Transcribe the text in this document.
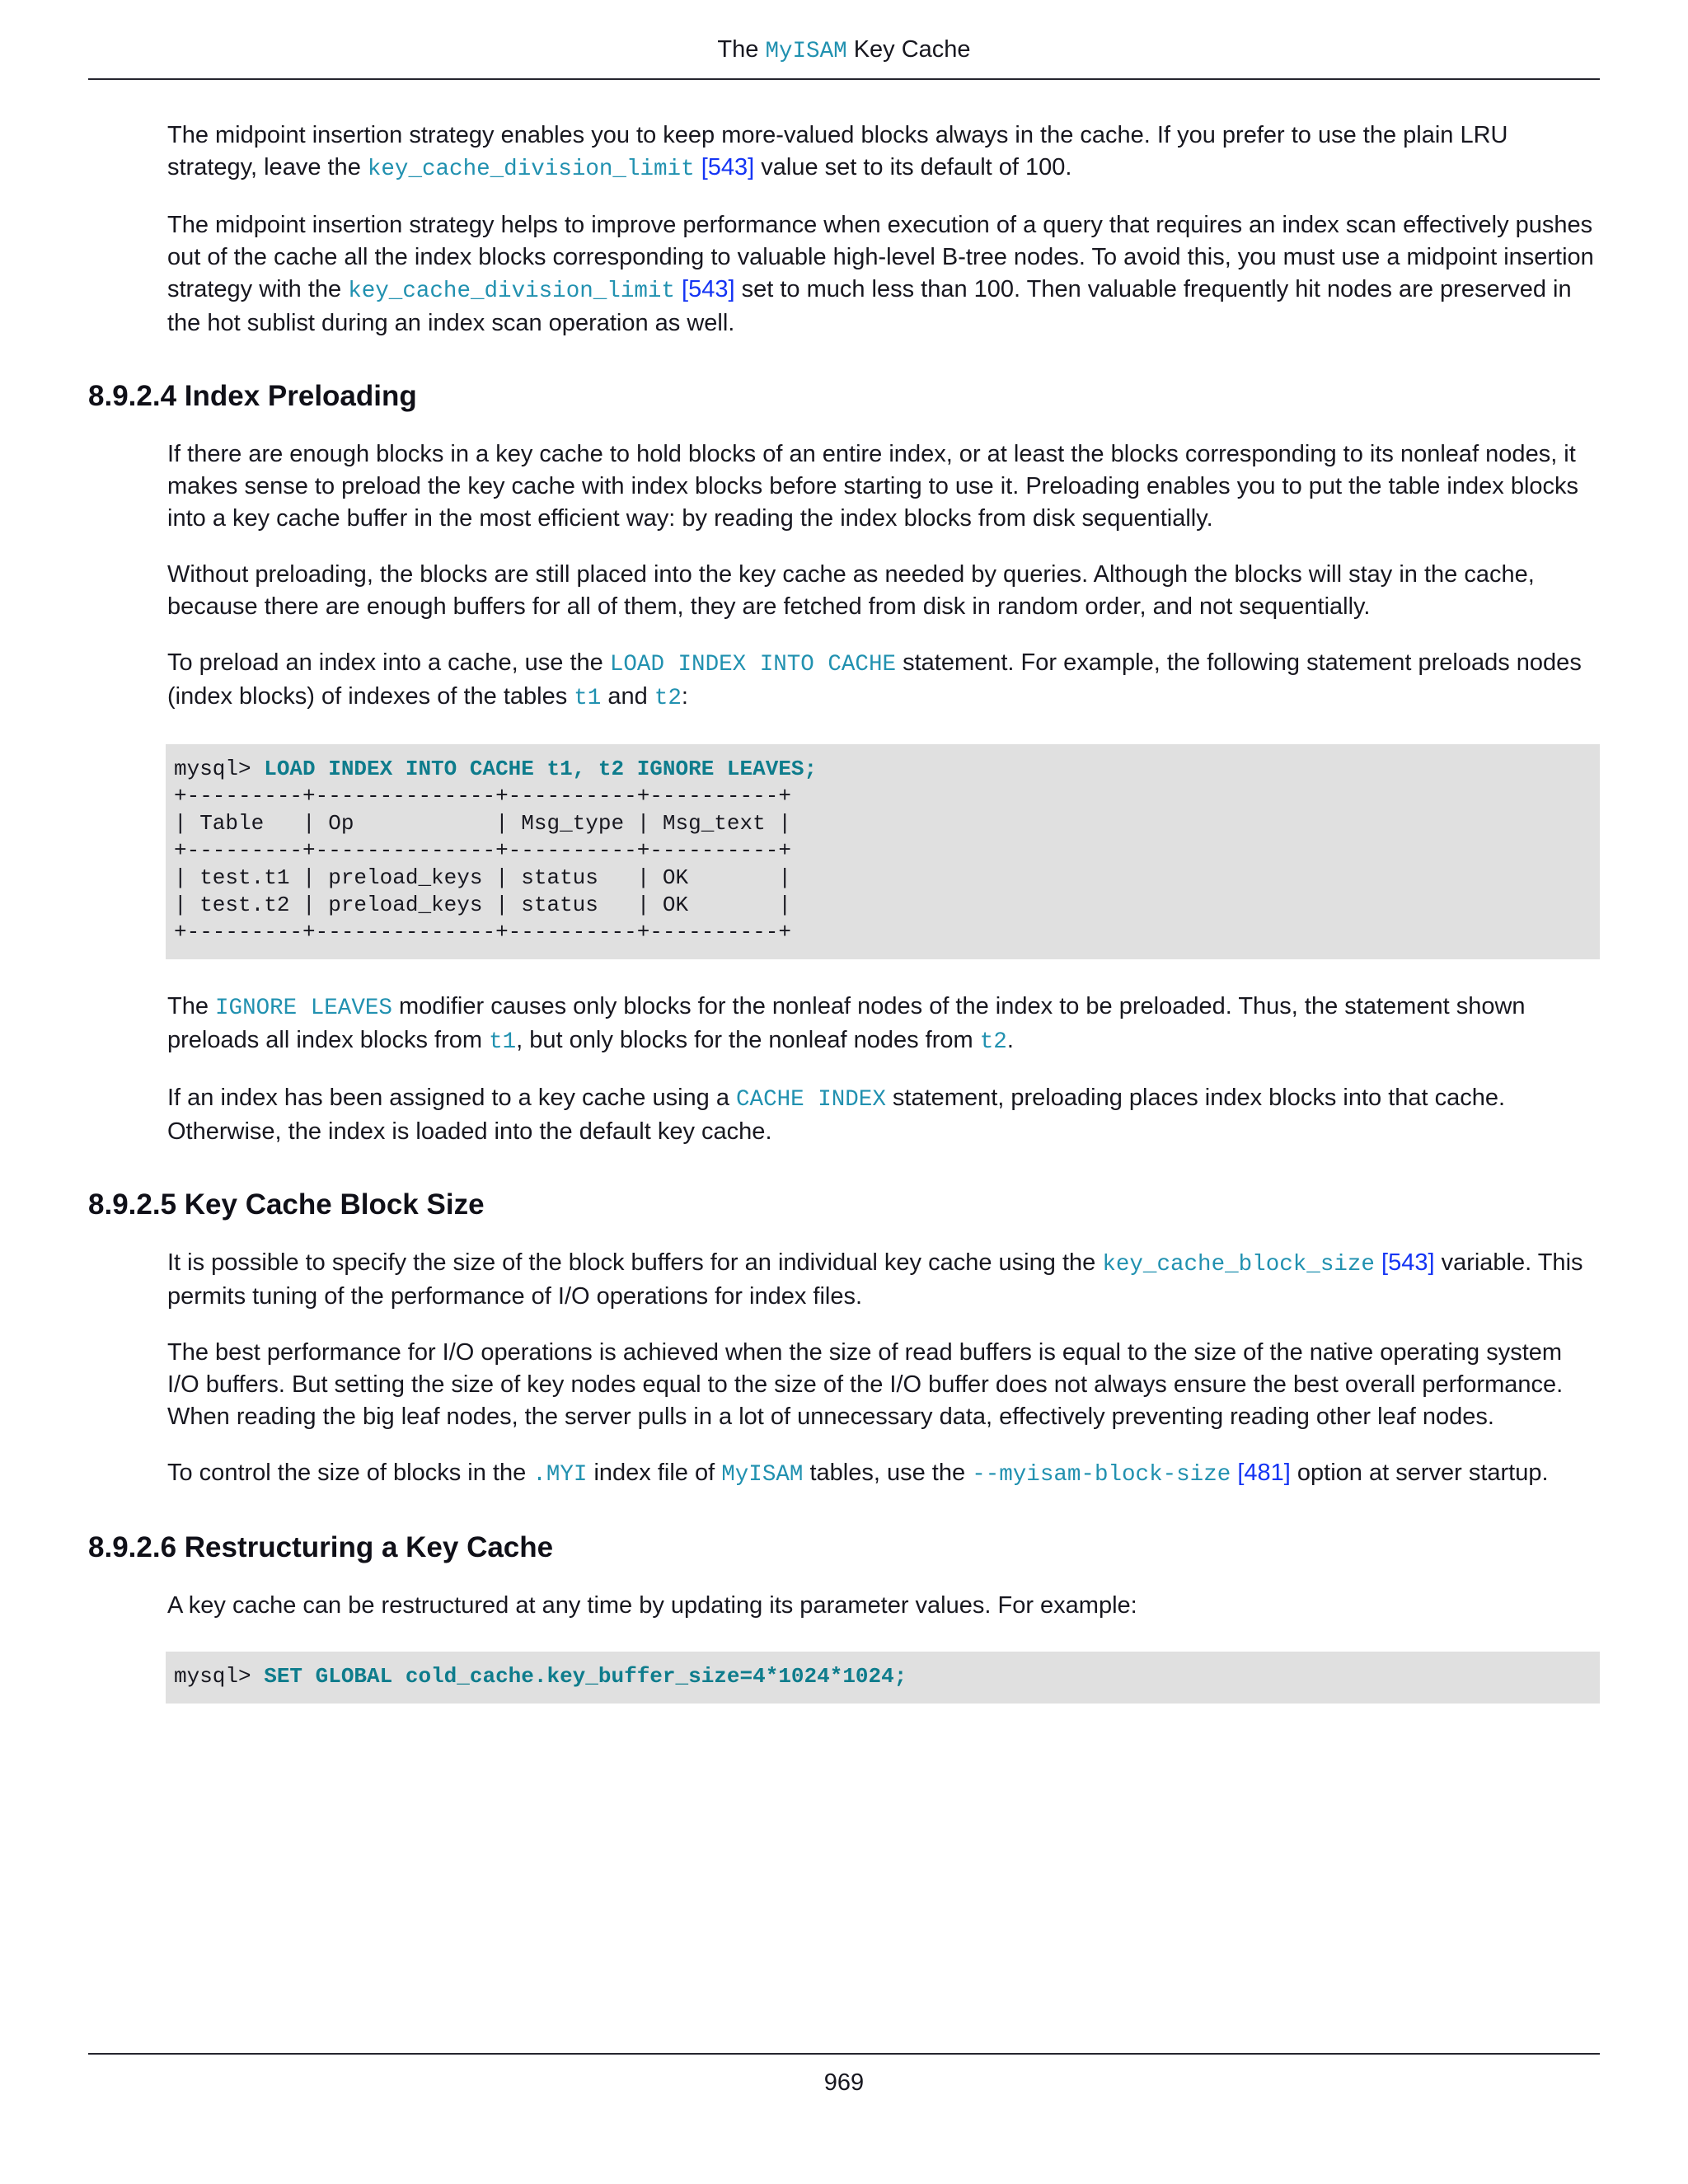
The MyISAM Key Cache

The midpoint insertion strategy enables you to keep more-valued blocks always in the cache. If you prefer to use the plain LRU strategy, leave the key_cache_division_limit [543] value set to its default of 100.

The midpoint insertion strategy helps to improve performance when execution of a query that requires an index scan effectively pushes out of the cache all the index blocks corresponding to valuable high-level B-tree nodes. To avoid this, you must use a midpoint insertion strategy with the key_cache_division_limit [543] set to much less than 100. Then valuable frequently hit nodes are preserved in the hot sublist during an index scan operation as well.

8.9.2.4 Index Preloading

If there are enough blocks in a key cache to hold blocks of an entire index, or at least the blocks corresponding to its nonleaf nodes, it makes sense to preload the key cache with index blocks before starting to use it. Preloading enables you to put the table index blocks into a key cache buffer in the most efficient way: by reading the index blocks from disk sequentially.

Without preloading, the blocks are still placed into the key cache as needed by queries. Although the blocks will stay in the cache, because there are enough buffers for all of them, they are fetched from disk in random order, and not sequentially.

To preload an index into a cache, use the LOAD INDEX INTO CACHE statement. For example, the following statement preloads nodes (index blocks) of indexes of the tables t1 and t2:

mysql> LOAD INDEX INTO CACHE t1, t2 IGNORE LEAVES;
+---------+--------------+----------+----------+
| Table   | Op           | Msg_type | Msg_text |
+---------+--------------+----------+----------+
| test.t1 | preload_keys | status   | OK       |
| test.t2 | preload_keys | status   | OK       |
+---------+--------------+----------+----------+

The IGNORE LEAVES modifier causes only blocks for the nonleaf nodes of the index to be preloaded. Thus, the statement shown preloads all index blocks from t1, but only blocks for the nonleaf nodes from t2.

If an index has been assigned to a key cache using a CACHE INDEX statement, preloading places index blocks into that cache. Otherwise, the index is loaded into the default key cache.

8.9.2.5 Key Cache Block Size

It is possible to specify the size of the block buffers for an individual key cache using the key_cache_block_size [543] variable. This permits tuning of the performance of I/O operations for index files.

The best performance for I/O operations is achieved when the size of read buffers is equal to the size of the native operating system I/O buffers. But setting the size of key nodes equal to the size of the I/O buffer does not always ensure the best overall performance. When reading the big leaf nodes, the server pulls in a lot of unnecessary data, effectively preventing reading other leaf nodes.

To control the size of blocks in the .MYI index file of MyISAM tables, use the --myisam-block-size [481] option at server startup.

8.9.2.6 Restructuring a Key Cache

A key cache can be restructured at any time by updating its parameter values. For example:

mysql> SET GLOBAL cold_cache.key_buffer_size=4*1024*1024;
969
